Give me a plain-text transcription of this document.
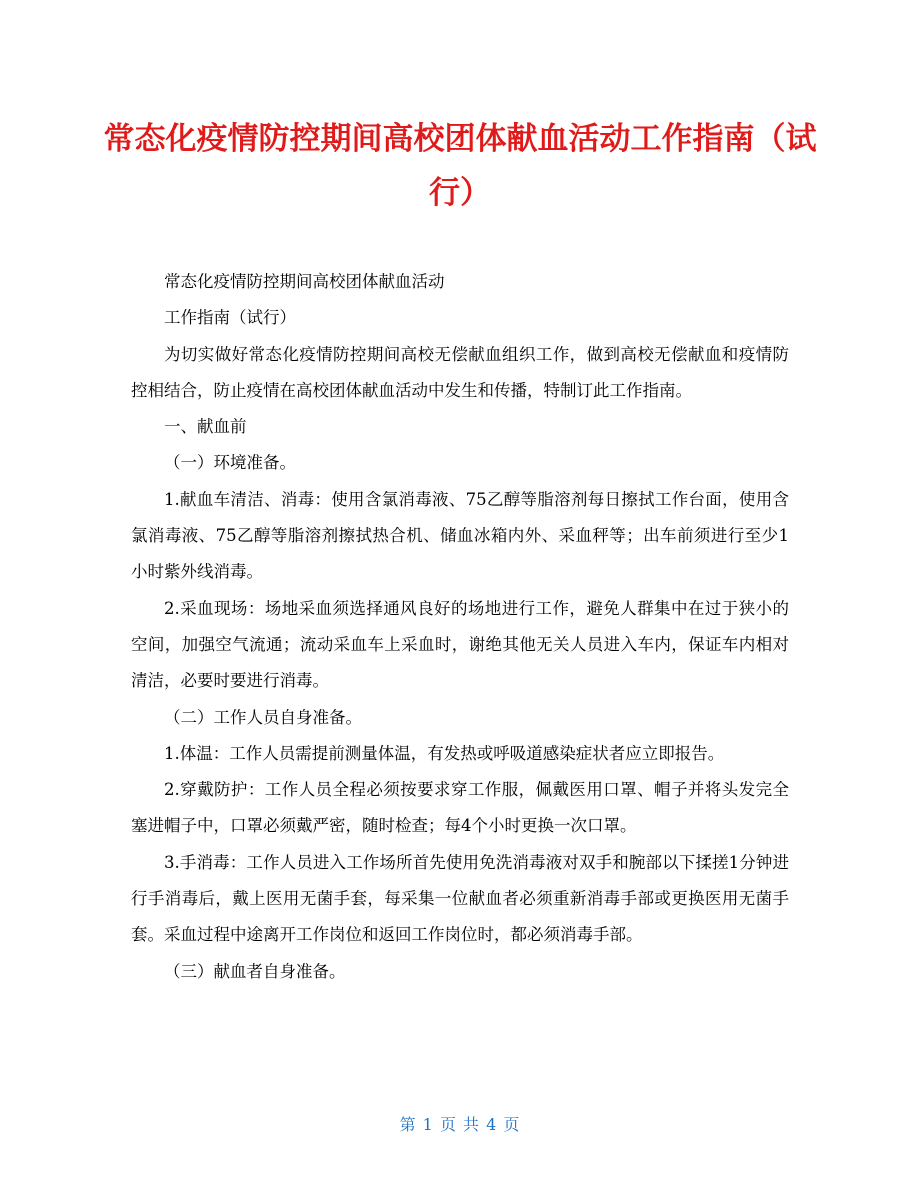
常态化疫情防控期间高校团体献血活动工作指南（试行）

常态化疫情防控期间高校团体献血活动

工作指南（试行）

为切实做好常态化疫情防控期间高校无偿献血组织工作，做到高校无偿献血和疫情防控相结合，防止疫情在高校团体献血活动中发生和传播，特制订此工作指南。

一、献血前

（一）环境准备。

1.献血车清洁、消毒：使用含氯消毒液、75乙醇等脂溶剂每日擦拭工作台面，使用含氯消毒液、75乙醇等脂溶剂擦拭热合机、储血冰箱内外、采血秤等；出车前须进行至少1小时紫外线消毒。

2.采血现场：场地采血须选择通风良好的场地进行工作，避免人群集中在过于狭小的空间，加强空气流通；流动采血车上采血时，谢绝其他无关人员进入车内，保证车内相对清洁，必要时要进行消毒。

（二）工作人员自身准备。

1.体温：工作人员需提前测量体温，有发热或呼吸道感染症状者应立即报告。

2.穿戴防护：工作人员全程必须按要求穿工作服，佩戴医用口罩、帽子并将头发完全塞进帽子中，口罩必须戴严密，随时检查；每4个小时更换一次口罩。

3.手消毒：工作人员进入工作场所首先使用免洗消毒液对双手和腕部以下揉搓1分钟进行手消毒后，戴上医用无菌手套，每采集一位献血者必须重新消毒手部或更换医用无菌手套。采血过程中途离开工作岗位和返回工作岗位时，都必须消毒手部。

（三）献血者自身准备。

第 1 页 共 4 页
